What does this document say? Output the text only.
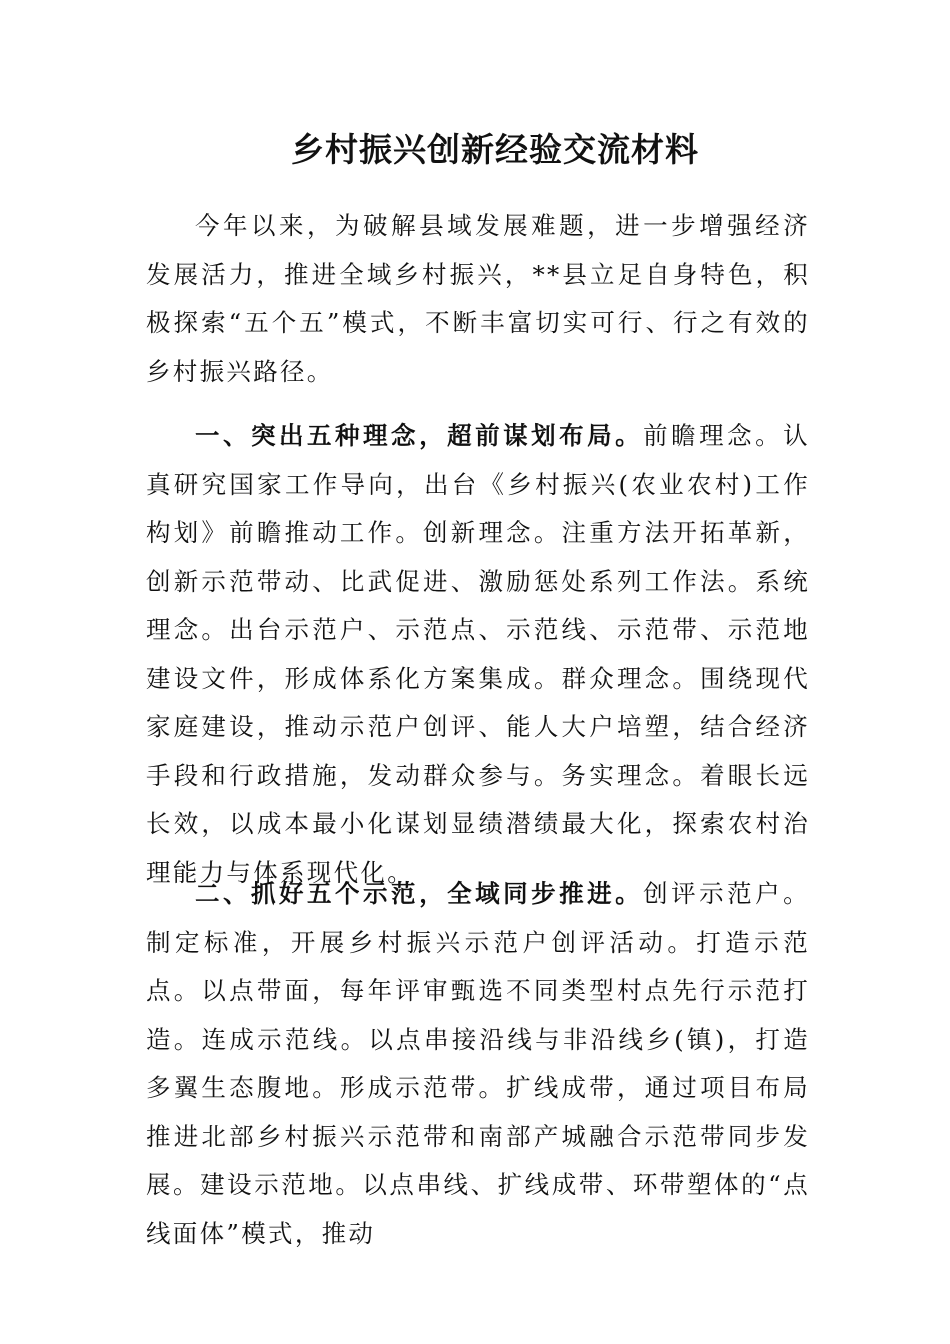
乡村振兴创新经验交流材料

今年以来，为破解县域发展难题，进一步增强经济发展活力，推进全域乡村振兴，**县立足自身特色，积极探索“五个五”模式，不断丰富切实可行、行之有效的乡村振兴路径。

一、突出五种理念，超前谋划布局。前瞻理念。认真研究国家工作导向，出台《乡村振兴(农业农村)工作构划》前瞻推动工作。创新理念。注重方法开拓革新，创新示范带动、比武促进、激励惩处系列工作法。系统理念。出台示范户、示范点、示范线、示范带、示范地建设文件，形成体系化方案集成。群众理念。围绕现代家庭建设，推动示范户创评、能人大户培塑，结合经济手段和行政措施，发动群众参与。务实理念。着眼长远长效，以成本最小化谋划显绩潜绩最大化，探索农村治理能力与体系现代化。

二、抓好五个示范，全域同步推进。创评示范户。制定标准，开展乡村振兴示范户创评活动。打造示范点。以点带面，每年评审甄选不同类型村点先行示范打造。连成示范线。以点串接沿线与非沿线乡(镇)，打造多翼生态腹地。形成示范带。扩线成带，通过项目布局推进北部乡村振兴示范带和南部产城融合示范带同步发展。建设示范地。以点串线、扩线成带、环带塑体的“点线面体”模式，推动
